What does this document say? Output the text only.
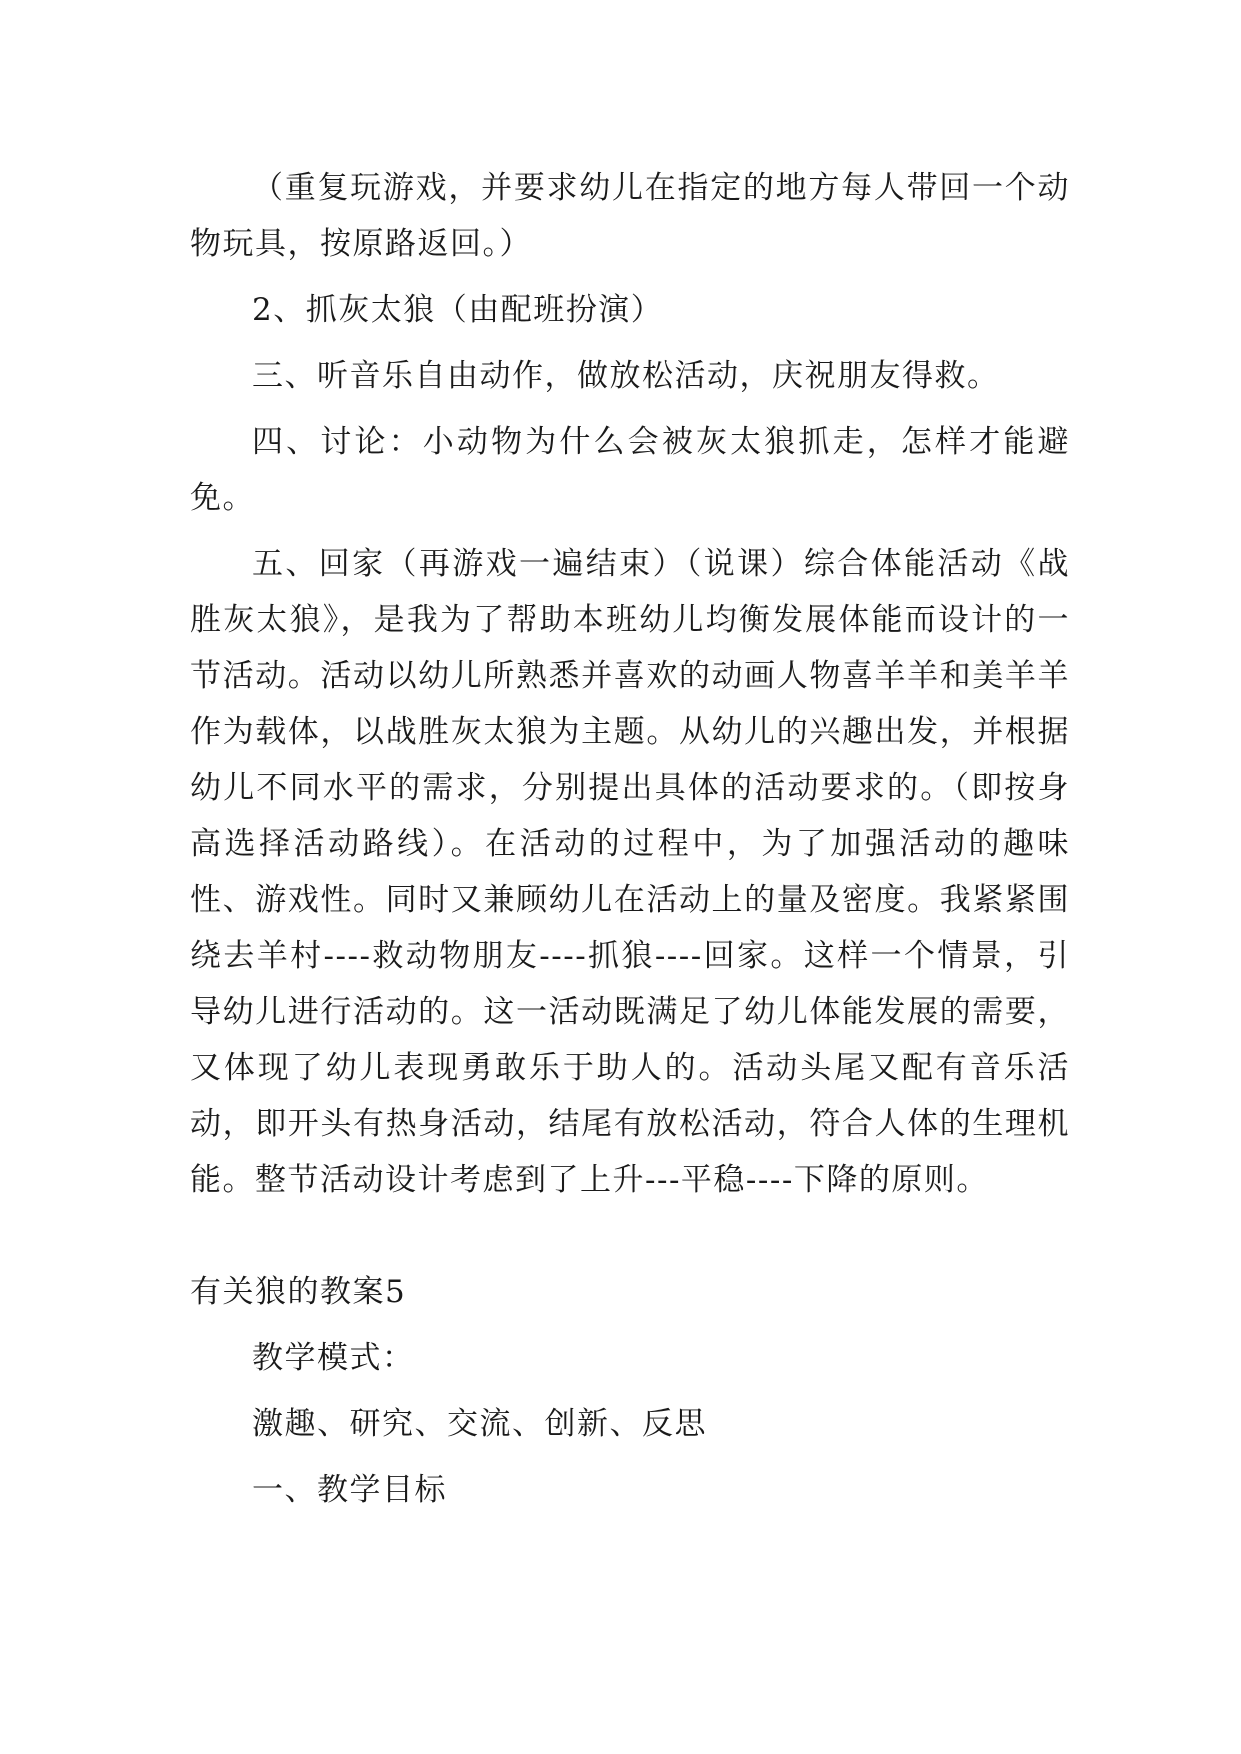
（重复玩游戏，并要求幼儿在指定的地方每人带回一个动物玩具，按原路返回。）

2、抓灰太狼（由配班扮演）

三、听音乐自由动作，做放松活动，庆祝朋友得救。

四、讨论：小动物为什么会被灰太狼抓走，怎样才能避免。

五、回家（再游戏一遍结束）（说课）综合体能活动《战胜灰太狼》，是我为了帮助本班幼儿均衡发展体能而设计的一节活动。活动以幼儿所熟悉并喜欢的动画人物喜羊羊和美羊羊作为载体，以战胜灰太狼为主题。从幼儿的兴趣出发，并根据幼儿不同水平的需求，分别提出具体的活动要求的。（即按身高选择活动路线）。在活动的过程中，为了加强活动的趣味性、游戏性。同时又兼顾幼儿在活动上的量及密度。我紧紧围绕去羊村----救动物朋友----抓狼----回家。这样一个情景，引导幼儿进行活动的。这一活动既满足了幼儿体能发展的需要，又体现了幼儿表现勇敢乐于助人的。活动头尾又配有音乐活动，即开头有热身活动，结尾有放松活动，符合人体的生理机能。整节活动设计考虑到了上升---平稳----下降的原则。

有关狼的教案5

教学模式：

激趣、研究、交流、创新、反思

一、教学目标
